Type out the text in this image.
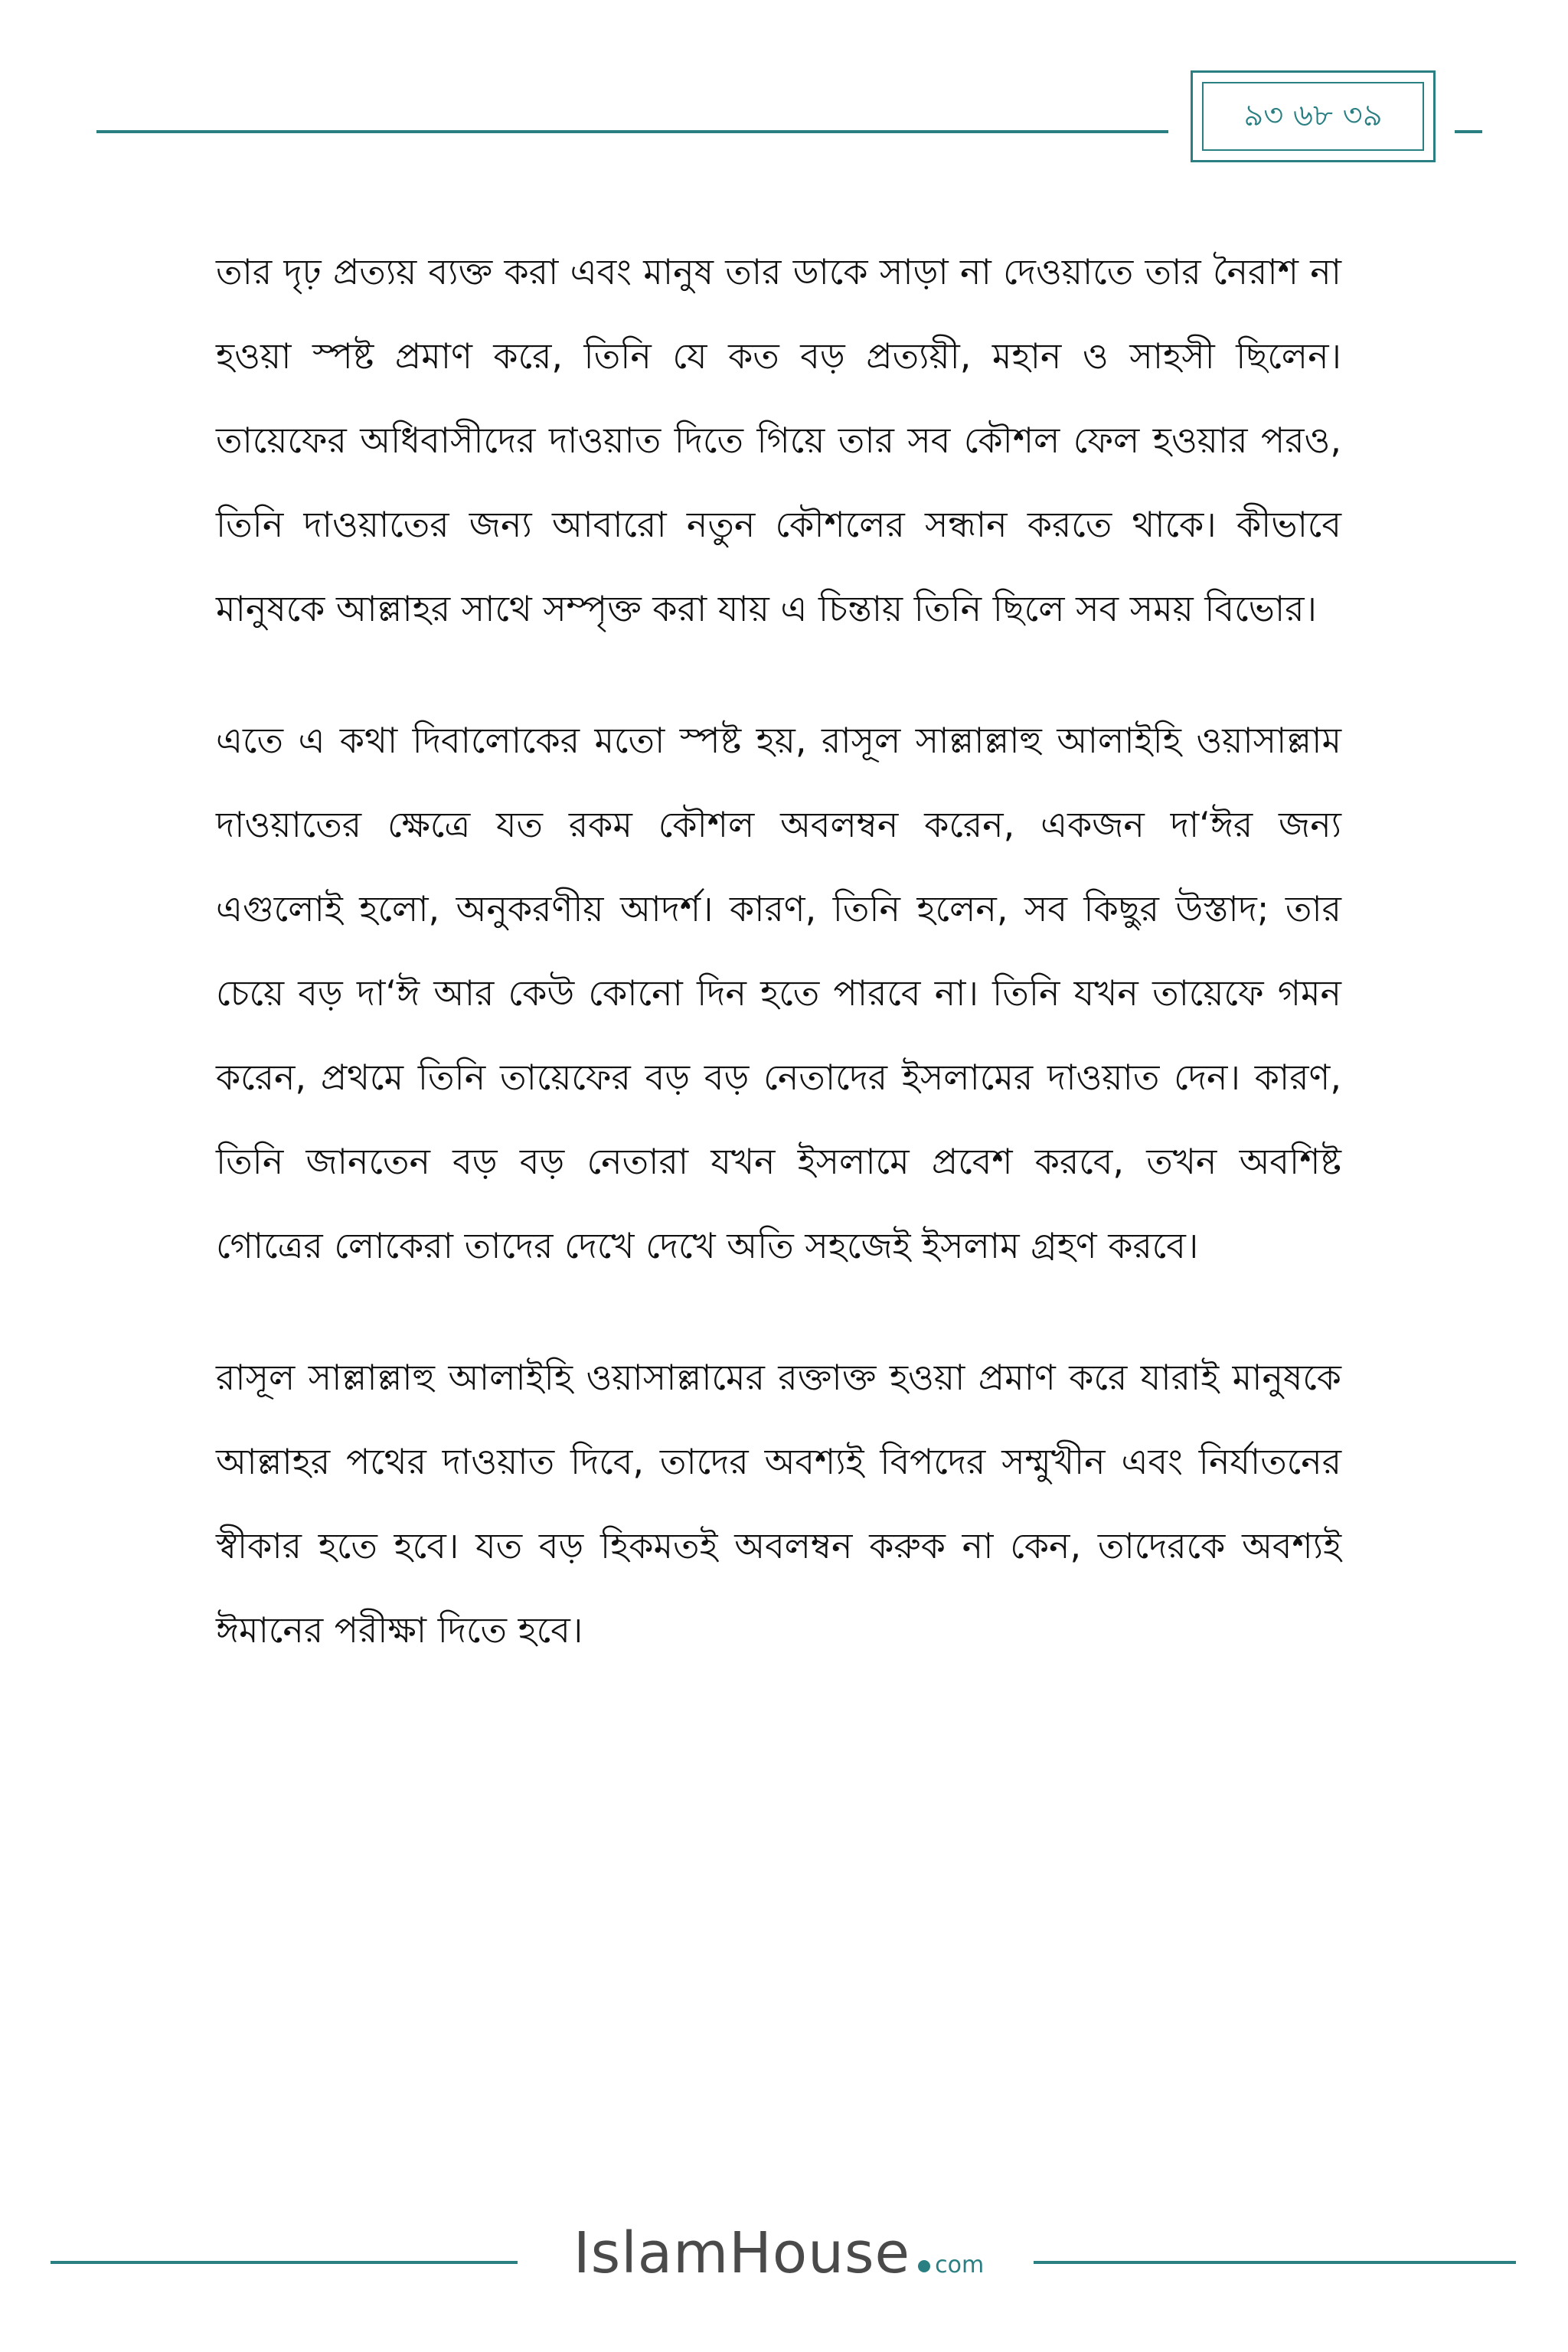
৯৩ ৬৮ ৩৯

তার দৃঢ় প্রত্যয় ব্যক্ত করা এবং মানুষ তার ডাকে সাড়া না দেওয়াতে তার নৈরাশ না হওয়া স্পষ্ট প্রমাণ করে, তিনি যে কত বড় প্রত্যয়ী, মহান ও সাহসী ছিলেন। তায়েফের অধিবাসীদের দাওয়াত দিতে গিয়ে তার সব কৌশল ফেল হওয়ার পরও, তিনি দাওয়াতের জন্য আবারো নতুন কৌশলের সন্ধান করতে থাকে। কীভাবে মানুষকে আল্লাহর সাথে সম্পৃক্ত করা যায় এ চিন্তায় তিনি ছিলে সব সময় বিভোর।

এতে এ কথা দিবালোকের মতো স্পষ্ট হয়, রাসূল সাল্লাল্লাহু আলাইহি ওয়াসাল্লাম দাওয়াতের ক্ষেত্রে যত রকম কৌশল অবলম্বন করেন, একজন দা‘ঈর জন্য এগুলোই হলো, অনুকরণীয় আদর্শ। কারণ, তিনি হলেন, সব কিছুর উস্তাদ; তার চেয়ে বড় দা‘ঈ আর কেউ কোনো দিন হতে পারবে না। তিনি যখন তায়েফে গমন করেন, প্রথমে তিনি তায়েফের বড় বড় নেতাদের ইসলামের দাওয়াত দেন। কারণ, তিনি জানতেন বড় বড় নেতারা যখন ইসলামে প্রবেশ করবে, তখন অবশিষ্ট গোত্রের লোকেরা তাদের দেখে দেখে অতি সহজেই ইসলাম গ্রহণ করবে।

রাসূল সাল্লাল্লাহু আলাইহি ওয়াসাল্লামের রক্তাক্ত হওয়া প্রমাণ করে যারাই মানুষকে আল্লাহর পথের দাওয়াত দিবে, তাদের অবশ্যই বিপদের সম্মুখীন এবং নির্যাতনের স্বীকার হতে হবে। যত বড় হিকমতই অবলম্বন করুক না কেন, তাদেরকে অবশ্যই ঈমানের পরীক্ষা দিতে হবে।

IslamHouse com
